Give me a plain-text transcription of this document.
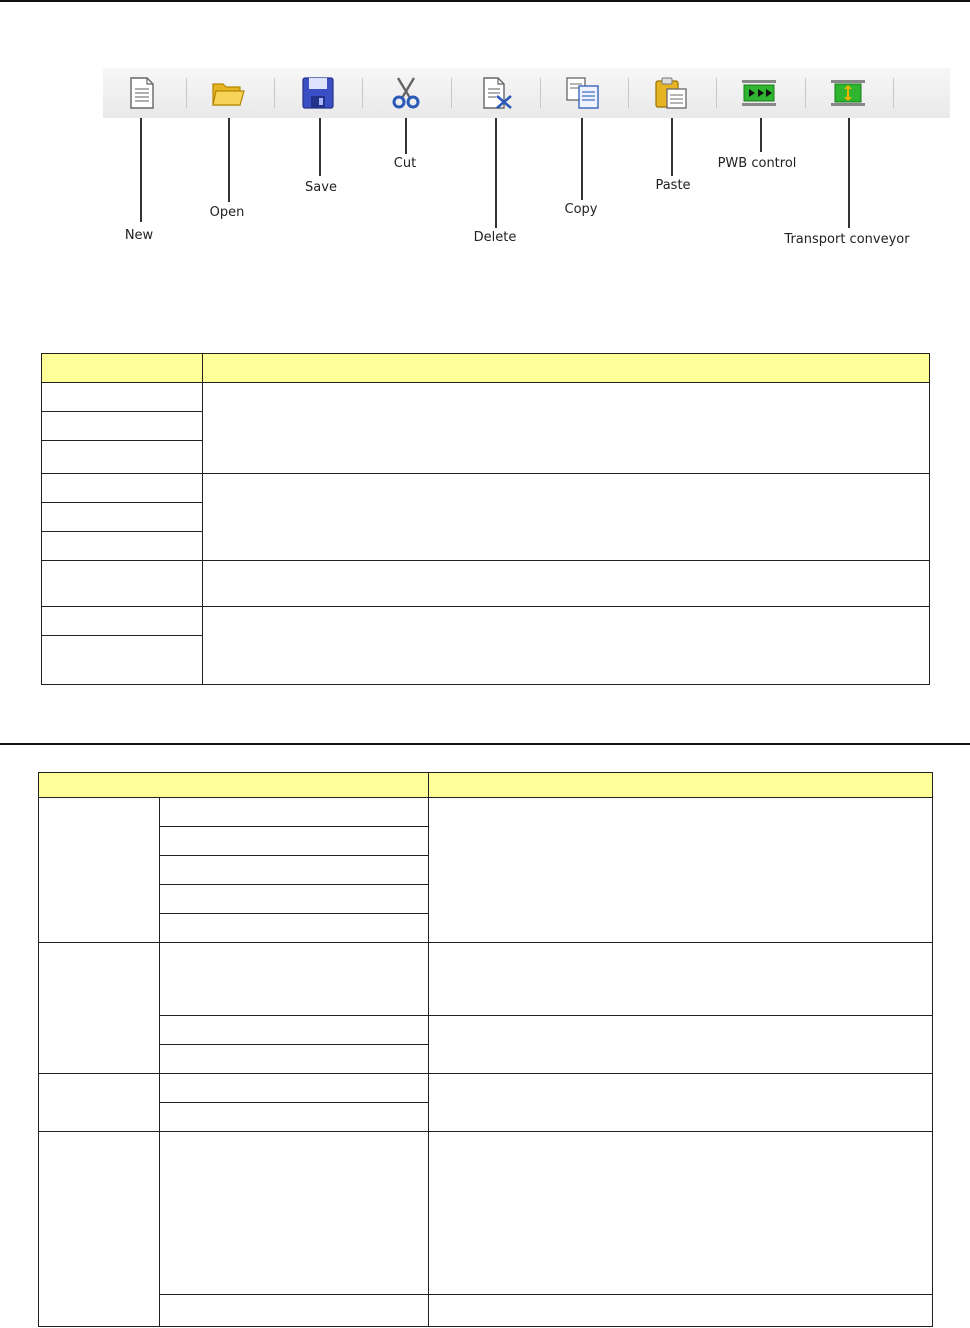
New
Open
Save
Cut
Delete
Copy
Paste
PWB control
Transport conveyor
